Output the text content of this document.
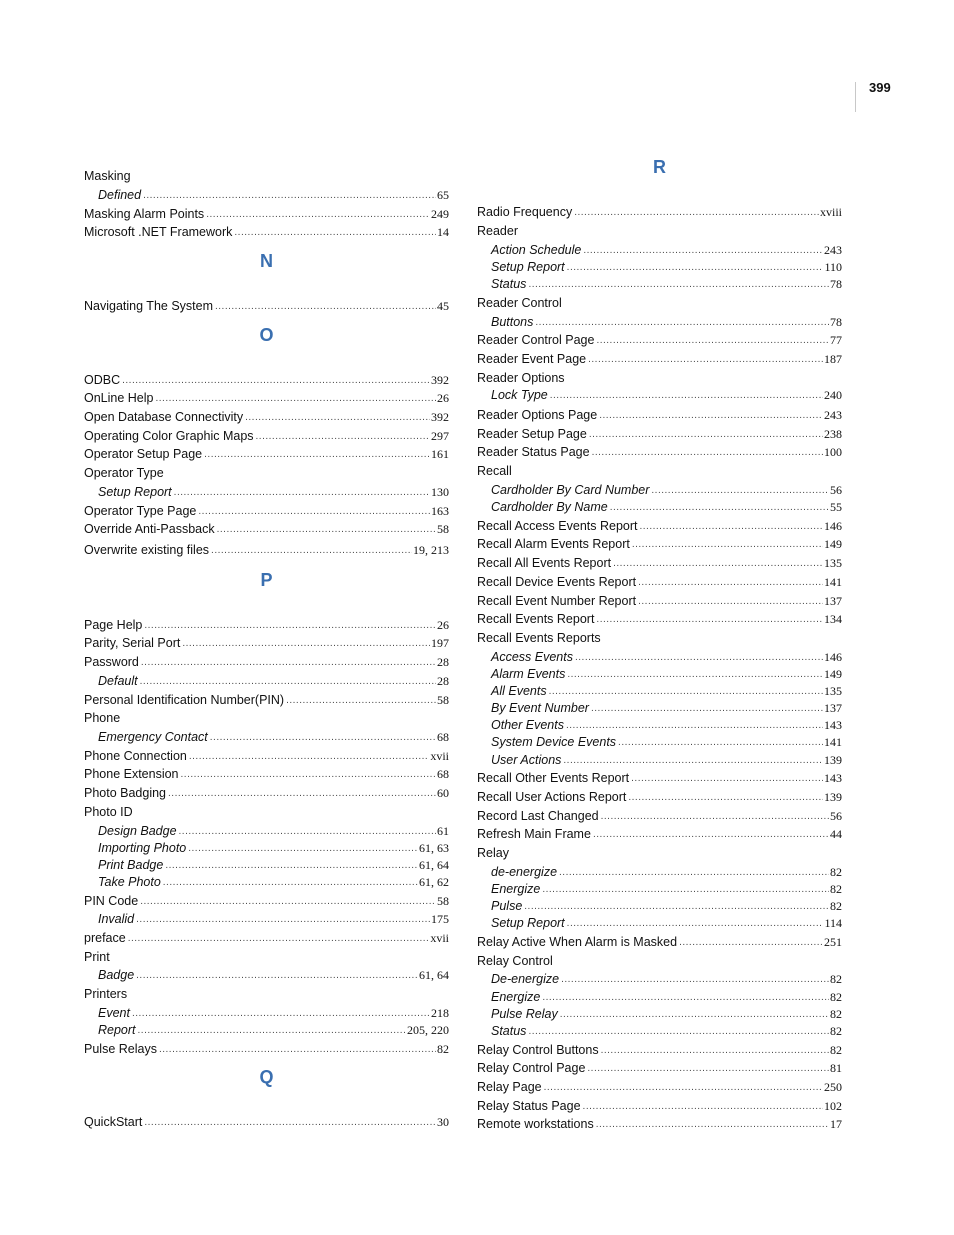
399
Masking
Defined .....	65
Masking Alarm Points .....	249
Microsoft .NET Framework .....	14
N
Navigating The System .....	45
O
ODBC .....	392
OnLine Help .....	26
Open Database Connectivity .....	392
Operating Color Graphic Maps .....	297
Operator Setup Page .....	161
Operator Type
Setup Report .....	130
Operator Type Page .....	163
Override Anti-Passback .....	58
Overwrite existing files .....	19, 213
P
Page Help .....	26
Parity, Serial Port .....	197
Password .....	28
Default .....	28
Personal Identification Number(PIN) .....	58
Phone
Emergency Contact .....	68
Phone Connection .....	xvii
Phone Extension .....	68
Photo Badging .....	60
Photo ID
Design Badge .....	61
Importing Photo .....	61, 63
Print Badge .....	61, 64
Take Photo .....	61, 62
PIN Code .....	58
Invalid .....	175
preface .....	xvii
Print
Badge .....	61, 64
Printers
Event .....	218
Report .....	205, 220
Pulse Relays .....	82
Q
QuickStart .....	30
R
Radio Frequency .....	xviii
Reader
Action Schedule .....	243
Setup Report .....	110
Status .....	78
Reader Control
Buttons .....	78
Reader Control Page .....	77
Reader Event Page .....	187
Reader Options
Lock Type .....	240
Reader Options Page .....	243
Reader Setup Page .....	238
Reader Status Page .....	100
Recall
Cardholder By Card Number .....	56
Cardholder By Name .....	55
Recall Access Events Report .....	146
Recall Alarm Events Report .....	149
Recall All Events Report .....	135
Recall Device Events Report .....	141
Recall Event Number Report .....	137
Recall Events Report .....	134
Recall Events Reports
Access Events .....	146
Alarm Events .....	149
All Events .....	135
By Event Number .....	137
Other Events .....	143
System Device Events .....	141
User Actions .....	139
Recall Other Events Report .....	143
Recall User Actions Report .....	139
Record Last Changed .....	56
Refresh Main Frame .....	44
Relay
de-energize .....	82
Energize .....	82
Pulse .....	82
Setup Report .....	114
Relay Active When Alarm is Masked .....	251
Relay Control
De-energize .....	82
Energize .....	82
Pulse Relay .....	82
Status .....	82
Relay Control Buttons .....	82
Relay Control Page .....	81
Relay Page .....	250
Relay Status Page .....	102
Remote workstations .....	17
